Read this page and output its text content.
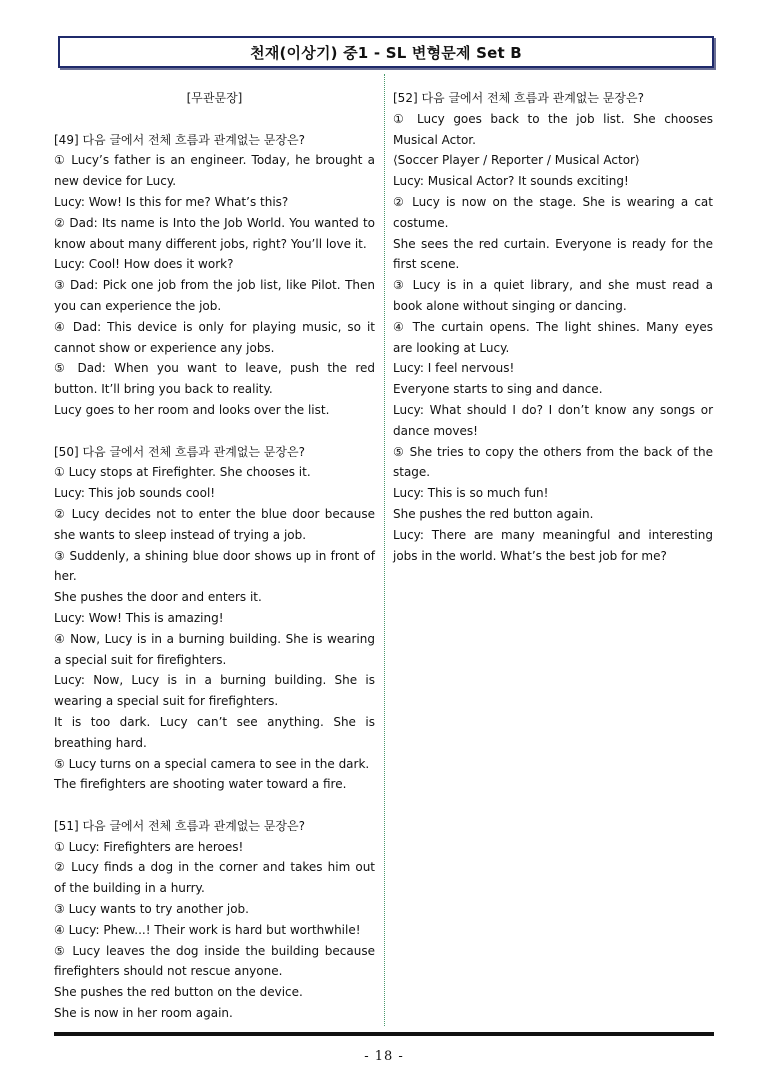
천재(이상기) 중1 - SL 변형문제 Set B
[무관문장]
[49] 다음 글에서 전체 흐름과 관계없는 문장은?
① Lucy’s father is an engineer. Today, he brought a new device for Lucy.
Lucy: Wow! Is this for me? What’s this?
② Dad: Its name is Into the Job World. You wanted to know about many different jobs, right? You’ll love it.
Lucy: Cool! How does it work?
③ Dad: Pick one job from the job list, like Pilot. Then you can experience the job.
④ Dad: This device is only for playing music, so it cannot show or experience any jobs.
⑤ Dad: When you want to leave, push the red button. It’ll bring you back to reality.
Lucy goes to her room and looks over the list.
[50] 다음 글에서 전체 흐름과 관계없는 문장은?
① Lucy stops at Firefighter. She chooses it.
Lucy: This job sounds cool!
② Lucy decides not to enter the blue door because she wants to sleep instead of trying a job.
③ Suddenly, a shining blue door shows up in front of her.
She pushes the door and enters it.
Lucy: Wow! This is amazing!
④ Now, Lucy is in a burning building. She is wearing a special suit for firefighters.
Lucy: Now, Lucy is in a burning building. She is wearing a special suit for firefighters.
It is too dark. Lucy can’t see anything. She is breathing hard.
⑤ Lucy turns on a special camera to see in the dark.
The firefighters are shooting water toward a fire.
[51] 다음 글에서 전체 흐름과 관계없는 문장은?
① Lucy: Firefighters are heroes!
② Lucy finds a dog in the corner and takes him out of the building in a hurry.
③ Lucy wants to try another job.
④ Lucy: Phew...! Their work is hard but worthwhile!
⑤ Lucy leaves the dog inside the building because firefighters should not rescue anyone.
She pushes the red button on the device.
She is now in her room again.
[52] 다음 글에서 전체 흐름과 관계없는 문장은?
① Lucy goes back to the job list. She chooses Musical Actor.
⟨Soccer Player / Reporter / Musical Actor⟩
Lucy: Musical Actor? It sounds exciting!
② Lucy is now on the stage. She is wearing a cat costume.
She sees the red curtain. Everyone is ready for the first scene.
③ Lucy is in a quiet library, and she must read a book alone without singing or dancing.
④ The curtain opens. The light shines. Many eyes are looking at Lucy.
Lucy: I feel nervous!
Everyone starts to sing and dance.
Lucy: What should I do? I don’t know any songs or dance moves!
⑤ She tries to copy the others from the back of the stage.
Lucy: This is so much fun!
She pushes the red button again.
Lucy: There are many meaningful and interesting jobs in the world. What’s the best job for me?
- 18 -
